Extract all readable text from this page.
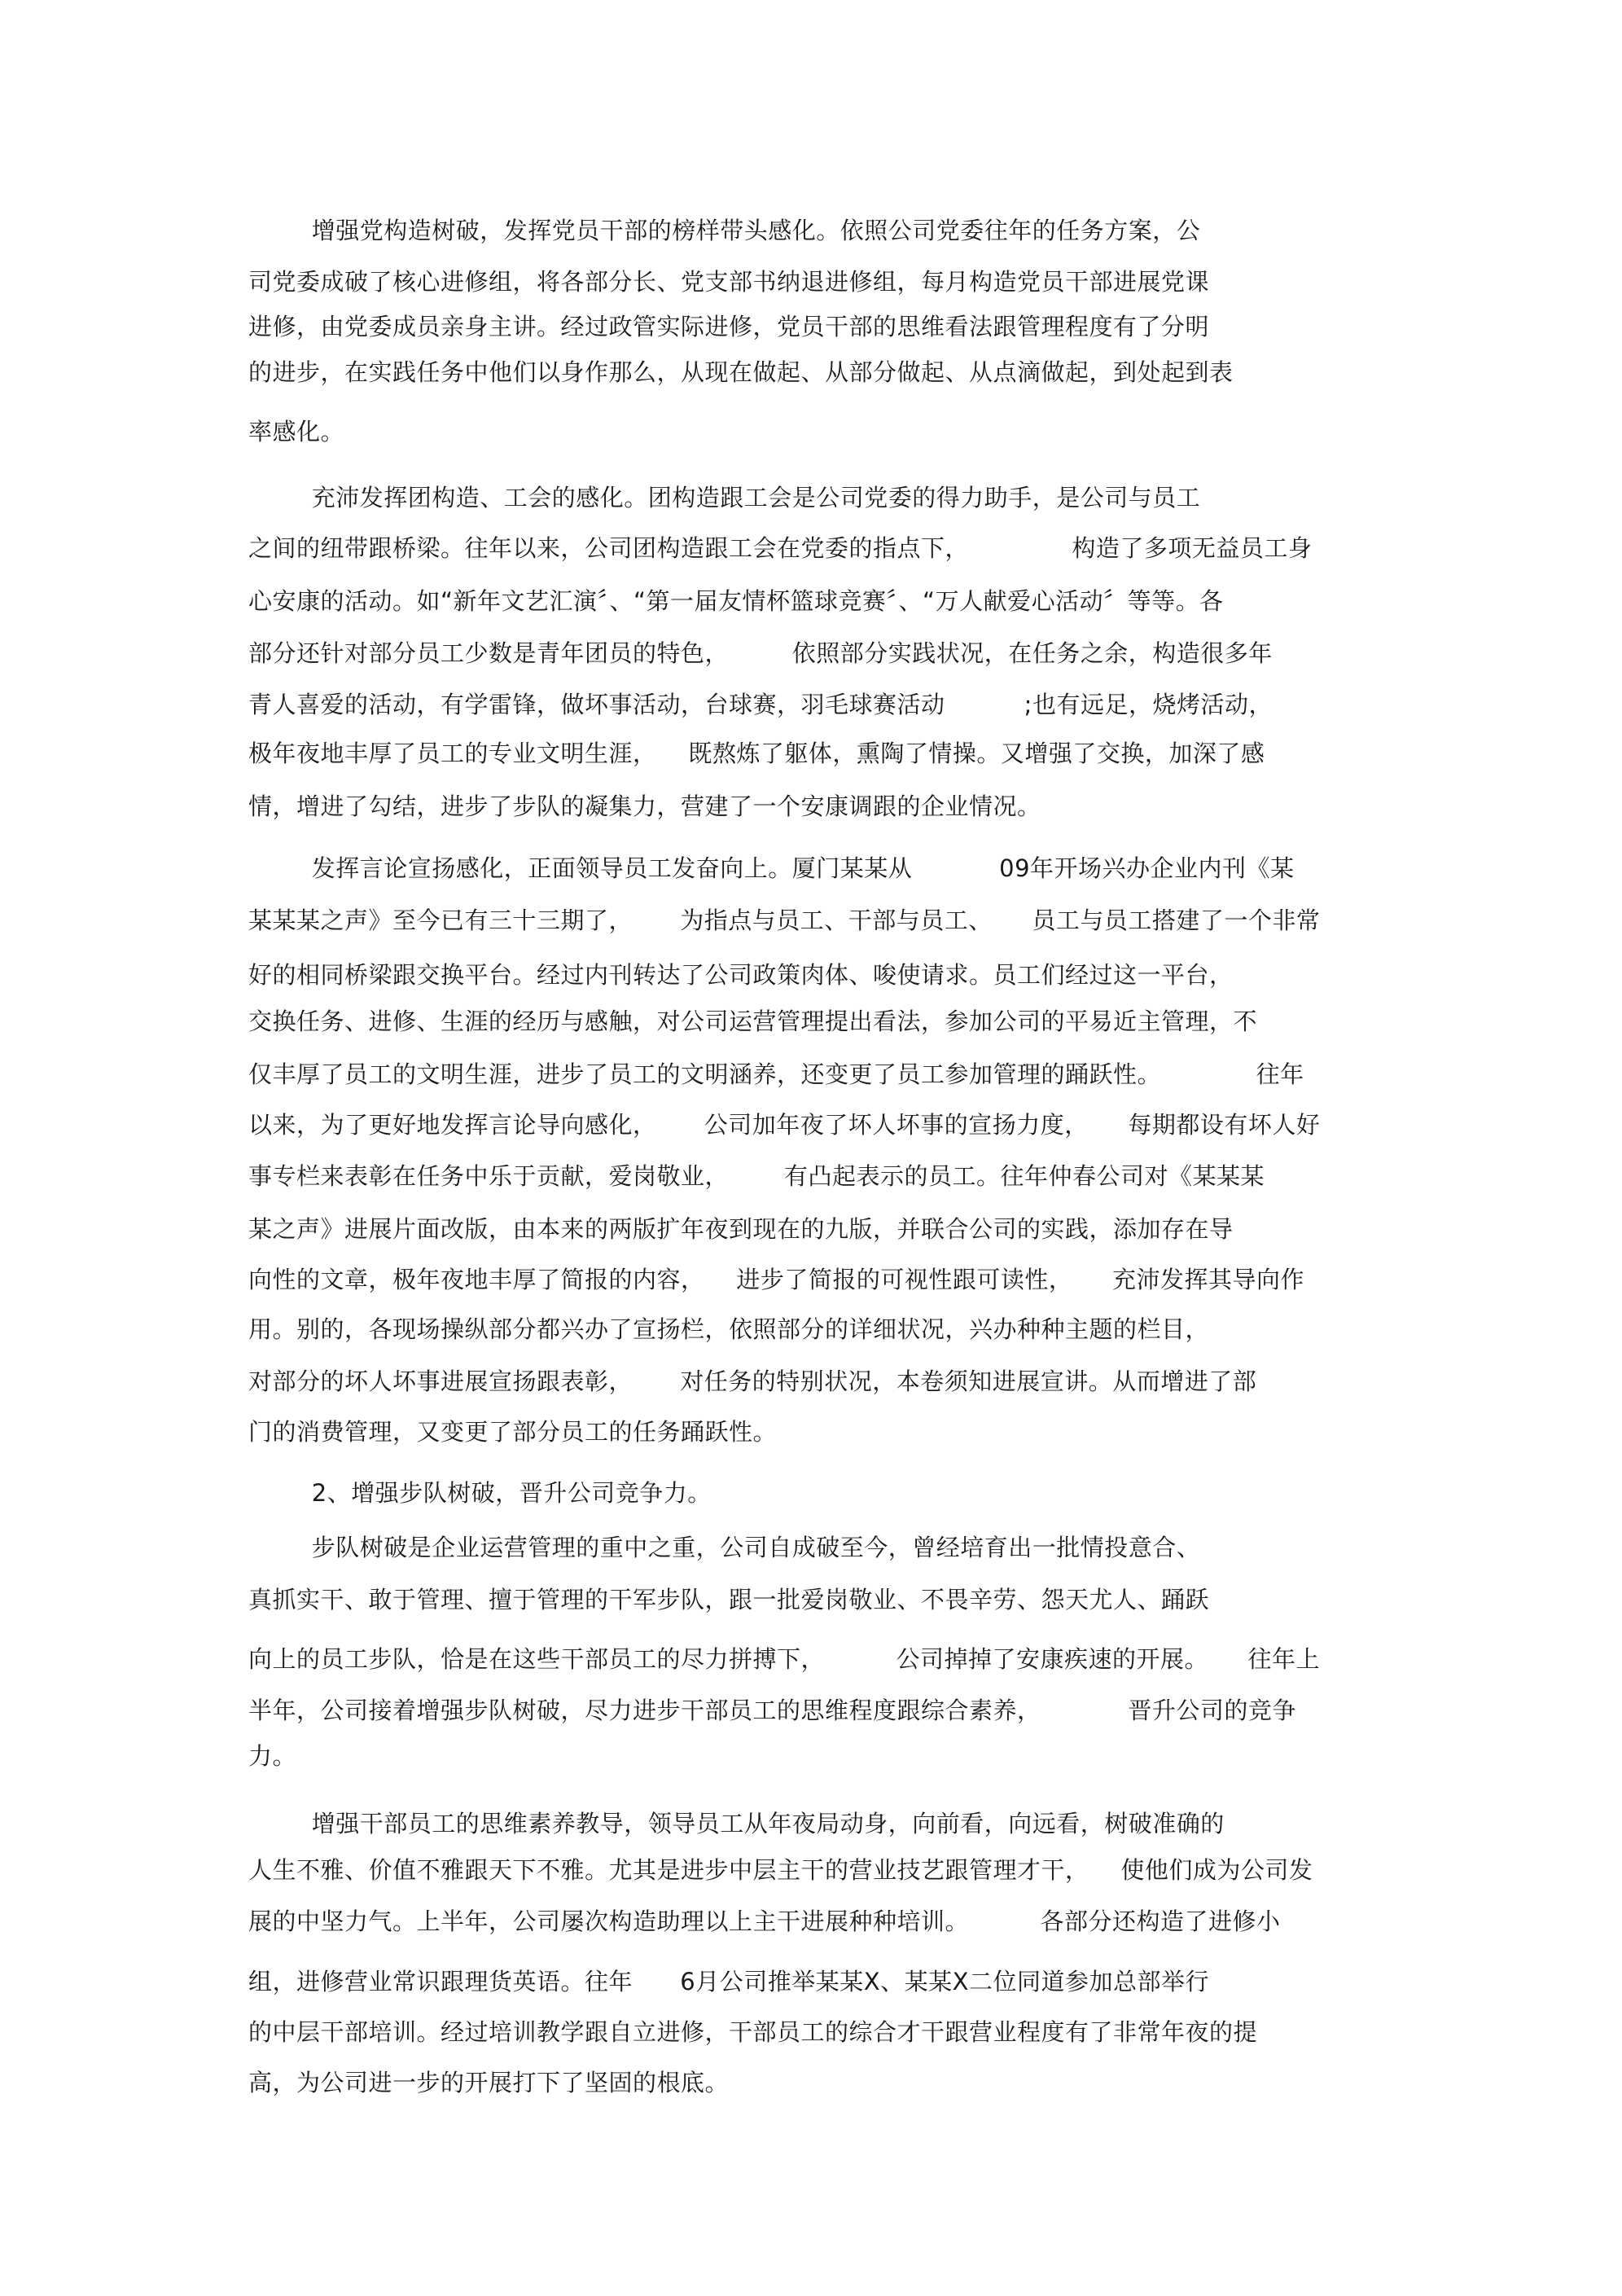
增强党构造树破，发挥党员干部的榜样带头感化。依照公司党委往年的任务方案，公
司党委成破了核心进修组，将各部分长、党支部书纳退进修组，每月构造党员干部进展党课
进修，由党委成员亲身主讲。经过政管实际进修，党员干部的思维看法跟管理程度有了分明
的进步，在实践任务中他们以身作那么，从现在做起、从部分做起、从点滴做起，到处起到表
率感化。
充沛发挥团构造、工会的感化。团构造跟工会是公司党委的得力助手，是公司与员工
之间的纽带跟桥梁。往年以来，公司团构造跟工会在党委的指点下，             构造了多项无益员工身
心安康的活动。如“新年文艺汇演〞、“第一届友情杯篮球竞赛〞、“万人献爱心活动〞等等。各
部分还针对部分员工少数是青年团员的特色，        依照部分实践状况，在任务之余，构造很多年
青人喜爱的活动，有学雷锋，做坏事活动，台球赛，羽毛球赛活动          ;也有远足，烧烤活动，
极年夜地丰厚了员工的专业文明生涯，    既熬炼了躯体，熏陶了情操。又增强了交换，加深了感
情，增进了勾结，进步了步队的凝集力，营建了一个安康调跟的企业情况。
发挥言论宣扬感化，正面领导员工发奋向上。厦门某某从           09年开场兴办企业内刊《某
某某某之声》至今已有三十三期了，      为指点与员工、干部与员工、     员工与员工搭建了一个非常
好的相同桥梁跟交换平台。经过内刊转达了公司政策肉体、唆使请求。员工们经过这一平台，
交换任务、进修、生涯的经历与感触，对公司运营管理提出看法，参加公司的平易近主管理，不
仅丰厚了员工的文明生涯，进步了员工的文明涵养，还变更了员工参加管理的踊跃性。            往年
以来，为了更好地发挥言论导向感化，      公司加年夜了坏人坏事的宣扬力度，     每期都设有坏人好
事专栏来表彰在任务中乐于贡献，爱岗敬业，       有凸起表示的员工。往年仲春公司对《某某某
某之声》进展片面改版，由本来的两版扩年夜到现在的九版，并联合公司的实践，添加存在导
向性的文章，极年夜地丰厚了简报的内容，    进步了简报的可视性跟可读性，     充沛发挥其导向作
用。别的，各现场操纵部分都兴办了宣扬栏，依照部分的详细状况，兴办种种主题的栏目，
对部分的坏人坏事进展宣扬跟表彰，      对任务的特别状况，本卷须知进展宣讲。从而增进了部
门的消费管理，又变更了部分员工的任务踊跃性。
2、增强步队树破，晋升公司竞争力。
步队树破是企业运营管理的重中之重，公司自成破至今，曾经培育出一批情投意合、
真抓实干、敢于管理、擅于管理的干军步队，跟一批爱岗敬业、不畏辛劳、怨天尤人、踊跃
向上的员工步队，恰是在这些干部员工的尽力拼搏下，         公司掉掉了安康疾速的开展。     往年上
半年，公司接着增强步队树破，尽力进步干部员工的思维程度跟综合素养，           晋升公司的竞争
力。
增强干部员工的思维素养教导，领导员工从年夜局动身，向前看，向远看，树破准确的
人生不雅、价值不雅跟天下不雅。尤其是进步中层主干的营业技艺跟管理才干，    使他们成为公司发
展的中坚力气。上半年，公司屡次构造助理以上主干进展种种培训。         各部分还构造了进修小
组，进修营业常识跟理货英语。往年      6月公司推举某某X、某某X二位同道参加总部举行
的中层干部培训。经过培训教学跟自立进修，干部员工的综合才干跟营业程度有了非常年夜的提
高，为公司进一步的开展打下了坚固的根底。
